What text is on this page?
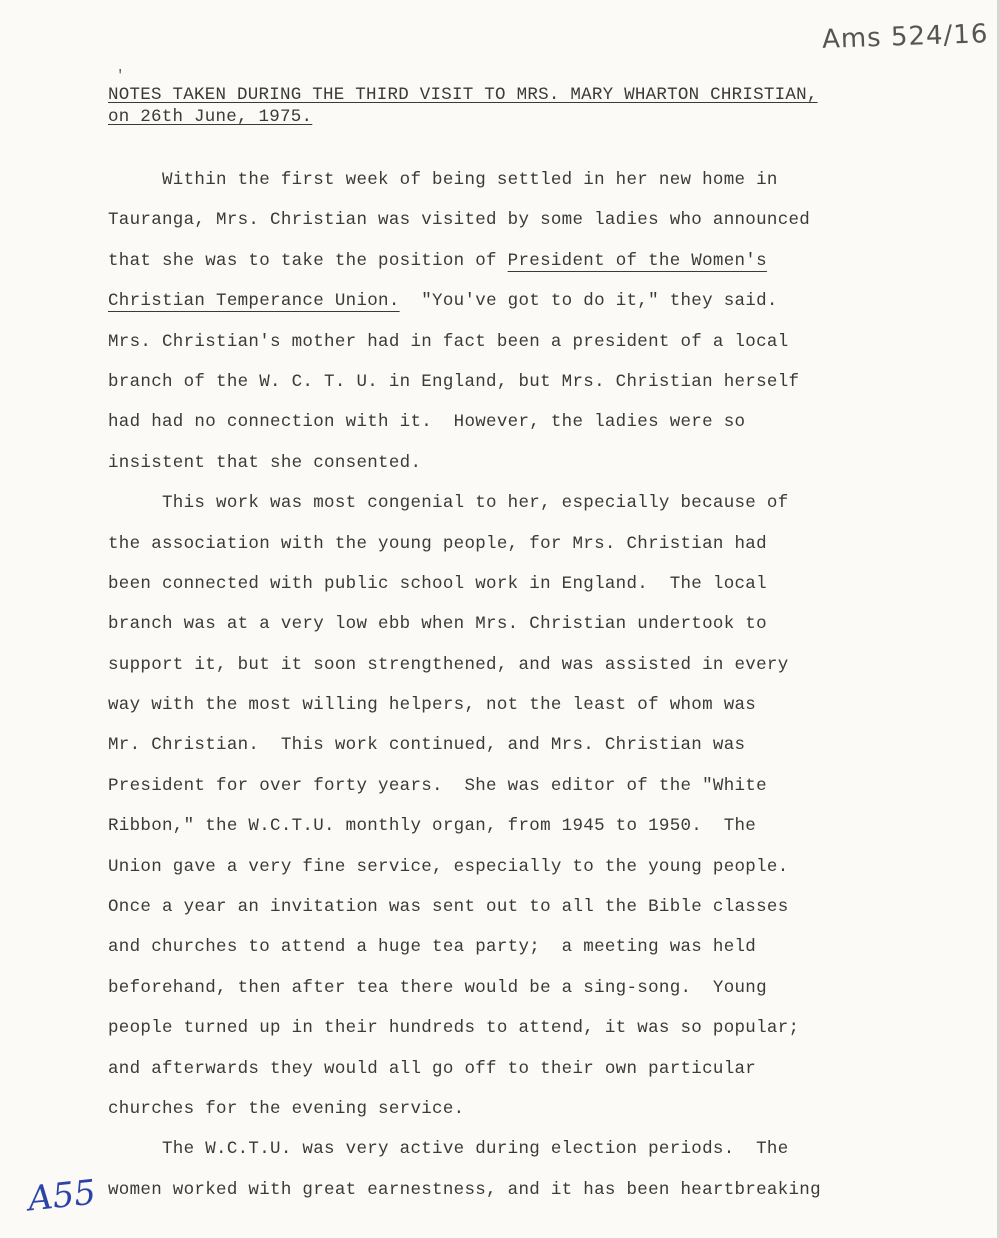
Ams 524/16
'
NOTES TAKEN DURING THE THIRD VISIT TO MRS. MARY WHARTON CHRISTIAN,
on 26th June, 1975.
Within the first week of being settled in her new home in
Tauranga, Mrs. Christian was visited by some ladies who announced
that she was to take the position of President of the Women's
Christian Temperance Union.  "You've got to do it," they said.
Mrs. Christian's mother had in fact been a president of a local
branch of the W. C. T. U. in England, but Mrs. Christian herself
had had no connection with it.  However, the ladies were so
insistent that she consented.
This work was most congenial to her, especially because of
the association with the young people, for Mrs. Christian had
been connected with public school work in England.  The local
branch was at a very low ebb when Mrs. Christian undertook to
support it, but it soon strengthened, and was assisted in every
way with the most willing helpers, not the least of whom was
Mr. Christian.  This work continued, and Mrs. Christian was
President for over forty years.  She was editor of the "White
Ribbon," the W.C.T.U. monthly organ, from 1945 to 1950.  The
Union gave a very fine service, especially to the young people.
Once a year an invitation was sent out to all the Bible classes
and churches to attend a huge tea party;  a meeting was held
beforehand, then after tea there would be a sing-song.  Young
people turned up in their hundreds to attend, it was so popular;
and afterwards they would all go off to their own particular
churches for the evening service.
The W.C.T.U. was very active during election periods.  The
women worked with great earnestness, and it has been heartbreaking
A55
